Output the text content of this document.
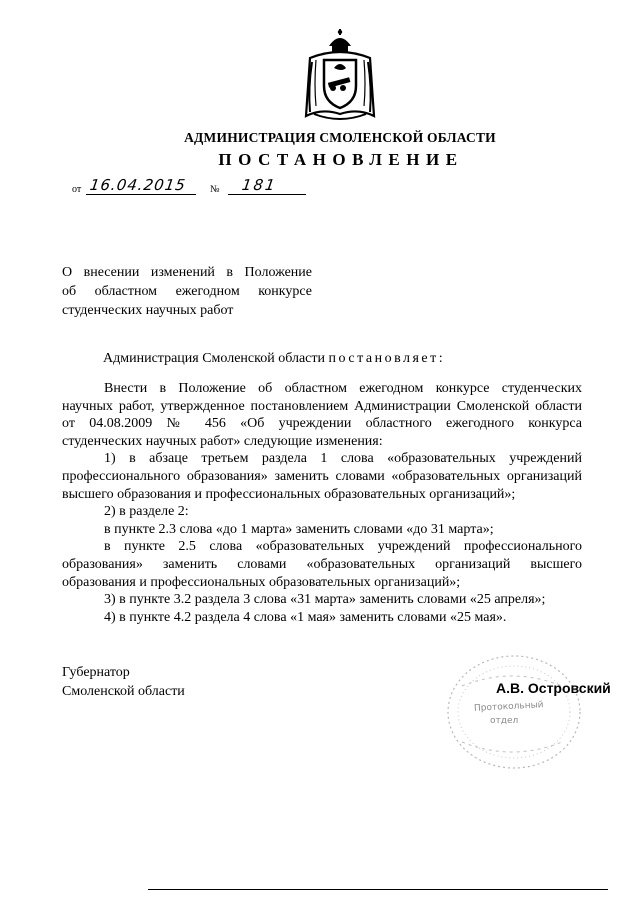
АДМИНИСТРАЦИЯ СМОЛЕНСКОЙ ОБЛАСТИ
ПОСТАНОВЛЕНИЕ
от 16.04.2015	№ 181
О внесении изменений в Положение
об областном ежегодном конкурсе
студенческих научных работ
Администрация Смоленской области постановляет:
Внести в Положение об областном ежегодном конкурсе студенческих
научных работ, утвержденное постановлением Администрации Смоленской области
от 04.08.2009 № 456 «Об учреждении областного ежегодного конкурса
студенческих научных работ» следующие изменения:
1) в абзаце третьем раздела 1 слова «образовательных учреждений
профессионального образования» заменить словами «образовательных организаций
высшего образования и профессиональных образовательных организаций»;
2) в разделе 2:
в пункте 2.3 слова «до 1 марта» заменить словами «до 31 марта»;
в пункте 2.5 слова «образовательных учреждений профессионального
образования» заменить словами «образовательных организаций высшего
образования и профессиональных образовательных организаций»;
3) в пункте 3.2 раздела 3 слова «31 марта» заменить словами «25 апреля»;
4) в пункте 4.2 раздела 4 слова «1 мая» заменить словами «25 мая».
Протокольный
отдел
Губернатор
Смоленской области	А.В. Островский
